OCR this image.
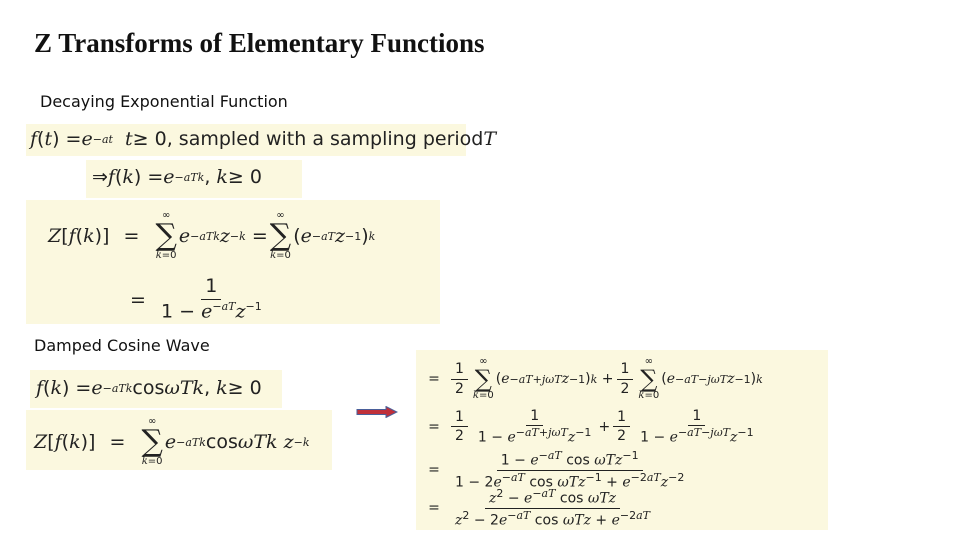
Z Transforms of Elementary Functions
Decaying Exponential Function
f ( t ) = e −at
t ≥ 0, sampled with a sampling period T
⇒ f ( k ) = e −aTk , k ≥ 0
Z [ f ( k )] =
∞
∑
k=0
e −aTk z −k =
∞
∑
k=0
( e −aT z −1 ) k
= $\frac{1}{1 - e^{-aT}z^{-1}}$
Damped Cosine Wave
f ( k ) = e −aTk cos ωTk , k ≥ 0
Z [ f ( k )] =
∞
∑
k=0
e −aTk cos ωTk z −k
= $\frac{1}{2}$ ∞
∑
k=0
( e −aT+jωT z −1 ) $k + \frac{1}{2}$ ∞
∑
k=0
( e −aT−jωT z −1 ) k
= $\frac{1}{2} \frac{1}{1 - e^{-aT+j\omega T}z^{-1}} + \frac{1}{2} \frac{1}{1 - e^{-aT-j\omega T}z^{-1}}$
= $\frac{1 - e^{-aT} \cos \omega Tz^{-1}}{1 - 2e^{-aT} \cos \omega Tz^{-1} + e^{-2aT}z^{-2}}$
= $\frac{z^2 - e^{-aT} \cos \omega Tz}{z^2 - 2e^{-aT} \cos \omega Tz + e^{-2aT}}$
